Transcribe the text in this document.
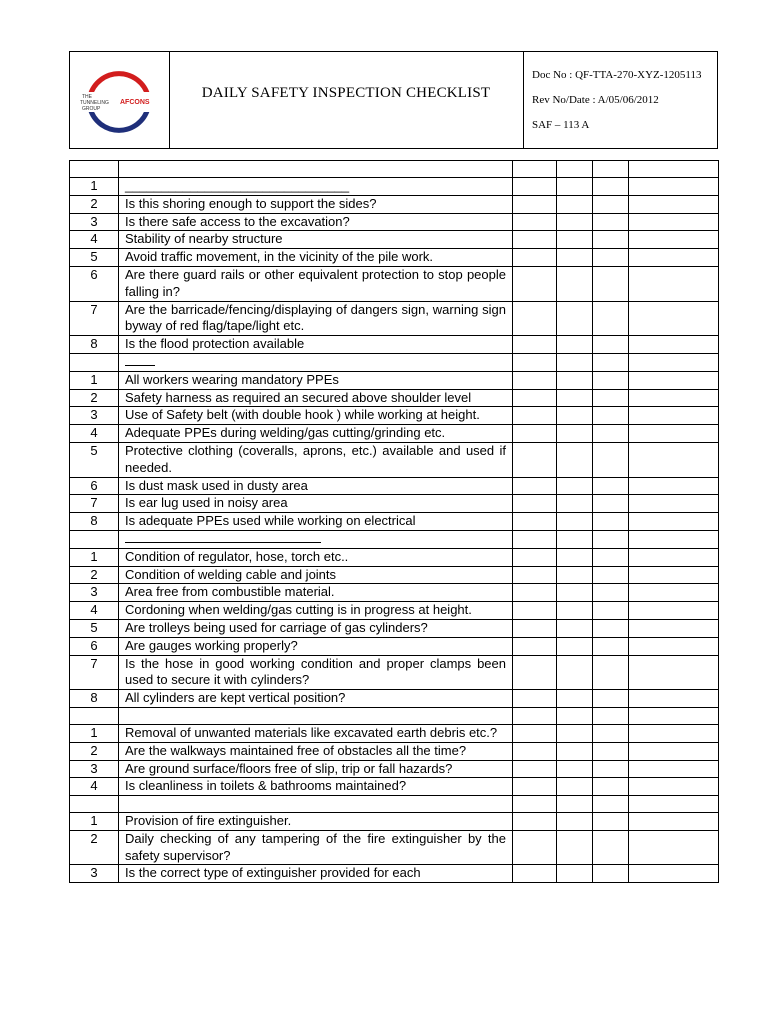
THE
TUNNELING
GROUP
AFCONS
DAILY SAFETY INSPECTION CHECKLIST
Doc No : QF-TTA-270-XYZ-1205113
Rev No/Date : A/05/06/2012
SAF – 113 A

1	_______________________________				
2	Is this shoring enough to support the sides?				
3	Is there safe access to the excavation?				
4	Stability of nearby structure				
5	Avoid traffic movement, in the vicinity of the pile work.				
6	Are there guard rails or other equivalent protection to stop people falling in?				
7	Are the barricade/fencing/displaying of dangers sign, warning sign byway of red flag/tape/light etc.				
8	Is the flood protection available				

1	All workers wearing mandatory PPEs				
2	Safety harness as required an secured above shoulder level				
3	Use of Safety belt (with double hook ) while working at height.				
4	Adequate PPEs during welding/gas cutting/grinding etc.				
5	Protective clothing (coveralls, aprons, etc.) available and used if needed.				
6	Is dust mask used in dusty area				
7	Is ear lug used in noisy area				
8	Is adequate PPEs used while working on electrical				

1	Condition of regulator, hose, torch etc..				
2	Condition of welding cable and joints				
3	Area free from combustible material.				
4	Cordoning when welding/gas cutting is in progress at height.				
5	Are trolleys being used for carriage of gas cylinders?				
6	Are gauges working properly?				
7	Is the hose in good working condition and proper clamps been used to secure it with cylinders?				
8	All cylinders are kept vertical position?				

1	Removal of unwanted materials like excavated earth debris etc.?				
2	Are the walkways maintained free of obstacles all the time?				
3	Are ground surface/floors free of slip, trip or fall hazards?				
4	Is cleanliness in toilets & bathrooms maintained?				

1	Provision of fire extinguisher.				
2	Daily checking of any tampering of the fire extinguisher by the safety supervisor?				
3	Is the correct type of extinguisher provided for each				
